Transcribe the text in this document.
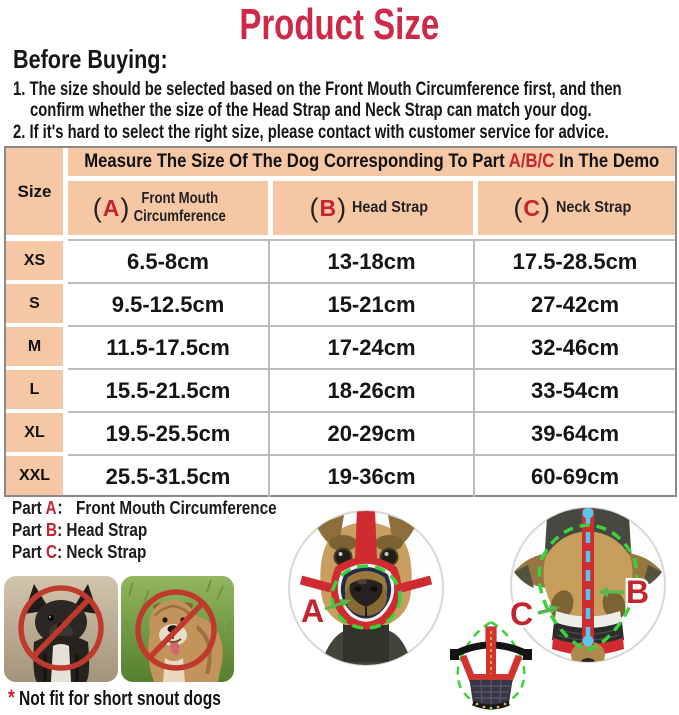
Product Size
Before Buying:
1. The size should be selected based on the Front Mouth Circumference first, and then
confirm whether the size of the Head Strap and Neck Strap can match your dog.
2. If it's hard to select the right size, please contact with customer service for advice.
Size
Measure The Size Of The Dog Corresponding To Part A/B/C In The Demo
( A ) Front Mouth Circumference	( B ) Head Strap	( C ) Neck Strap
XS	6.5-8cm	13-18cm	17.5-28.5cm
S	9.5-12.5cm	15-21cm	27-42cm
M	11.5-17.5cm	17-24cm	32-46cm
L	15.5-21.5cm	18-26cm	33-54cm
XL	19.5-25.5cm	20-29cm	39-64cm
XXL	25.5-31.5cm	19-36cm	60-69cm
Part A： Front Mouth Circumference
Part B: Head Strap
Part C: Neck Strap
A
B
C
* Not fit for short snout dogs
